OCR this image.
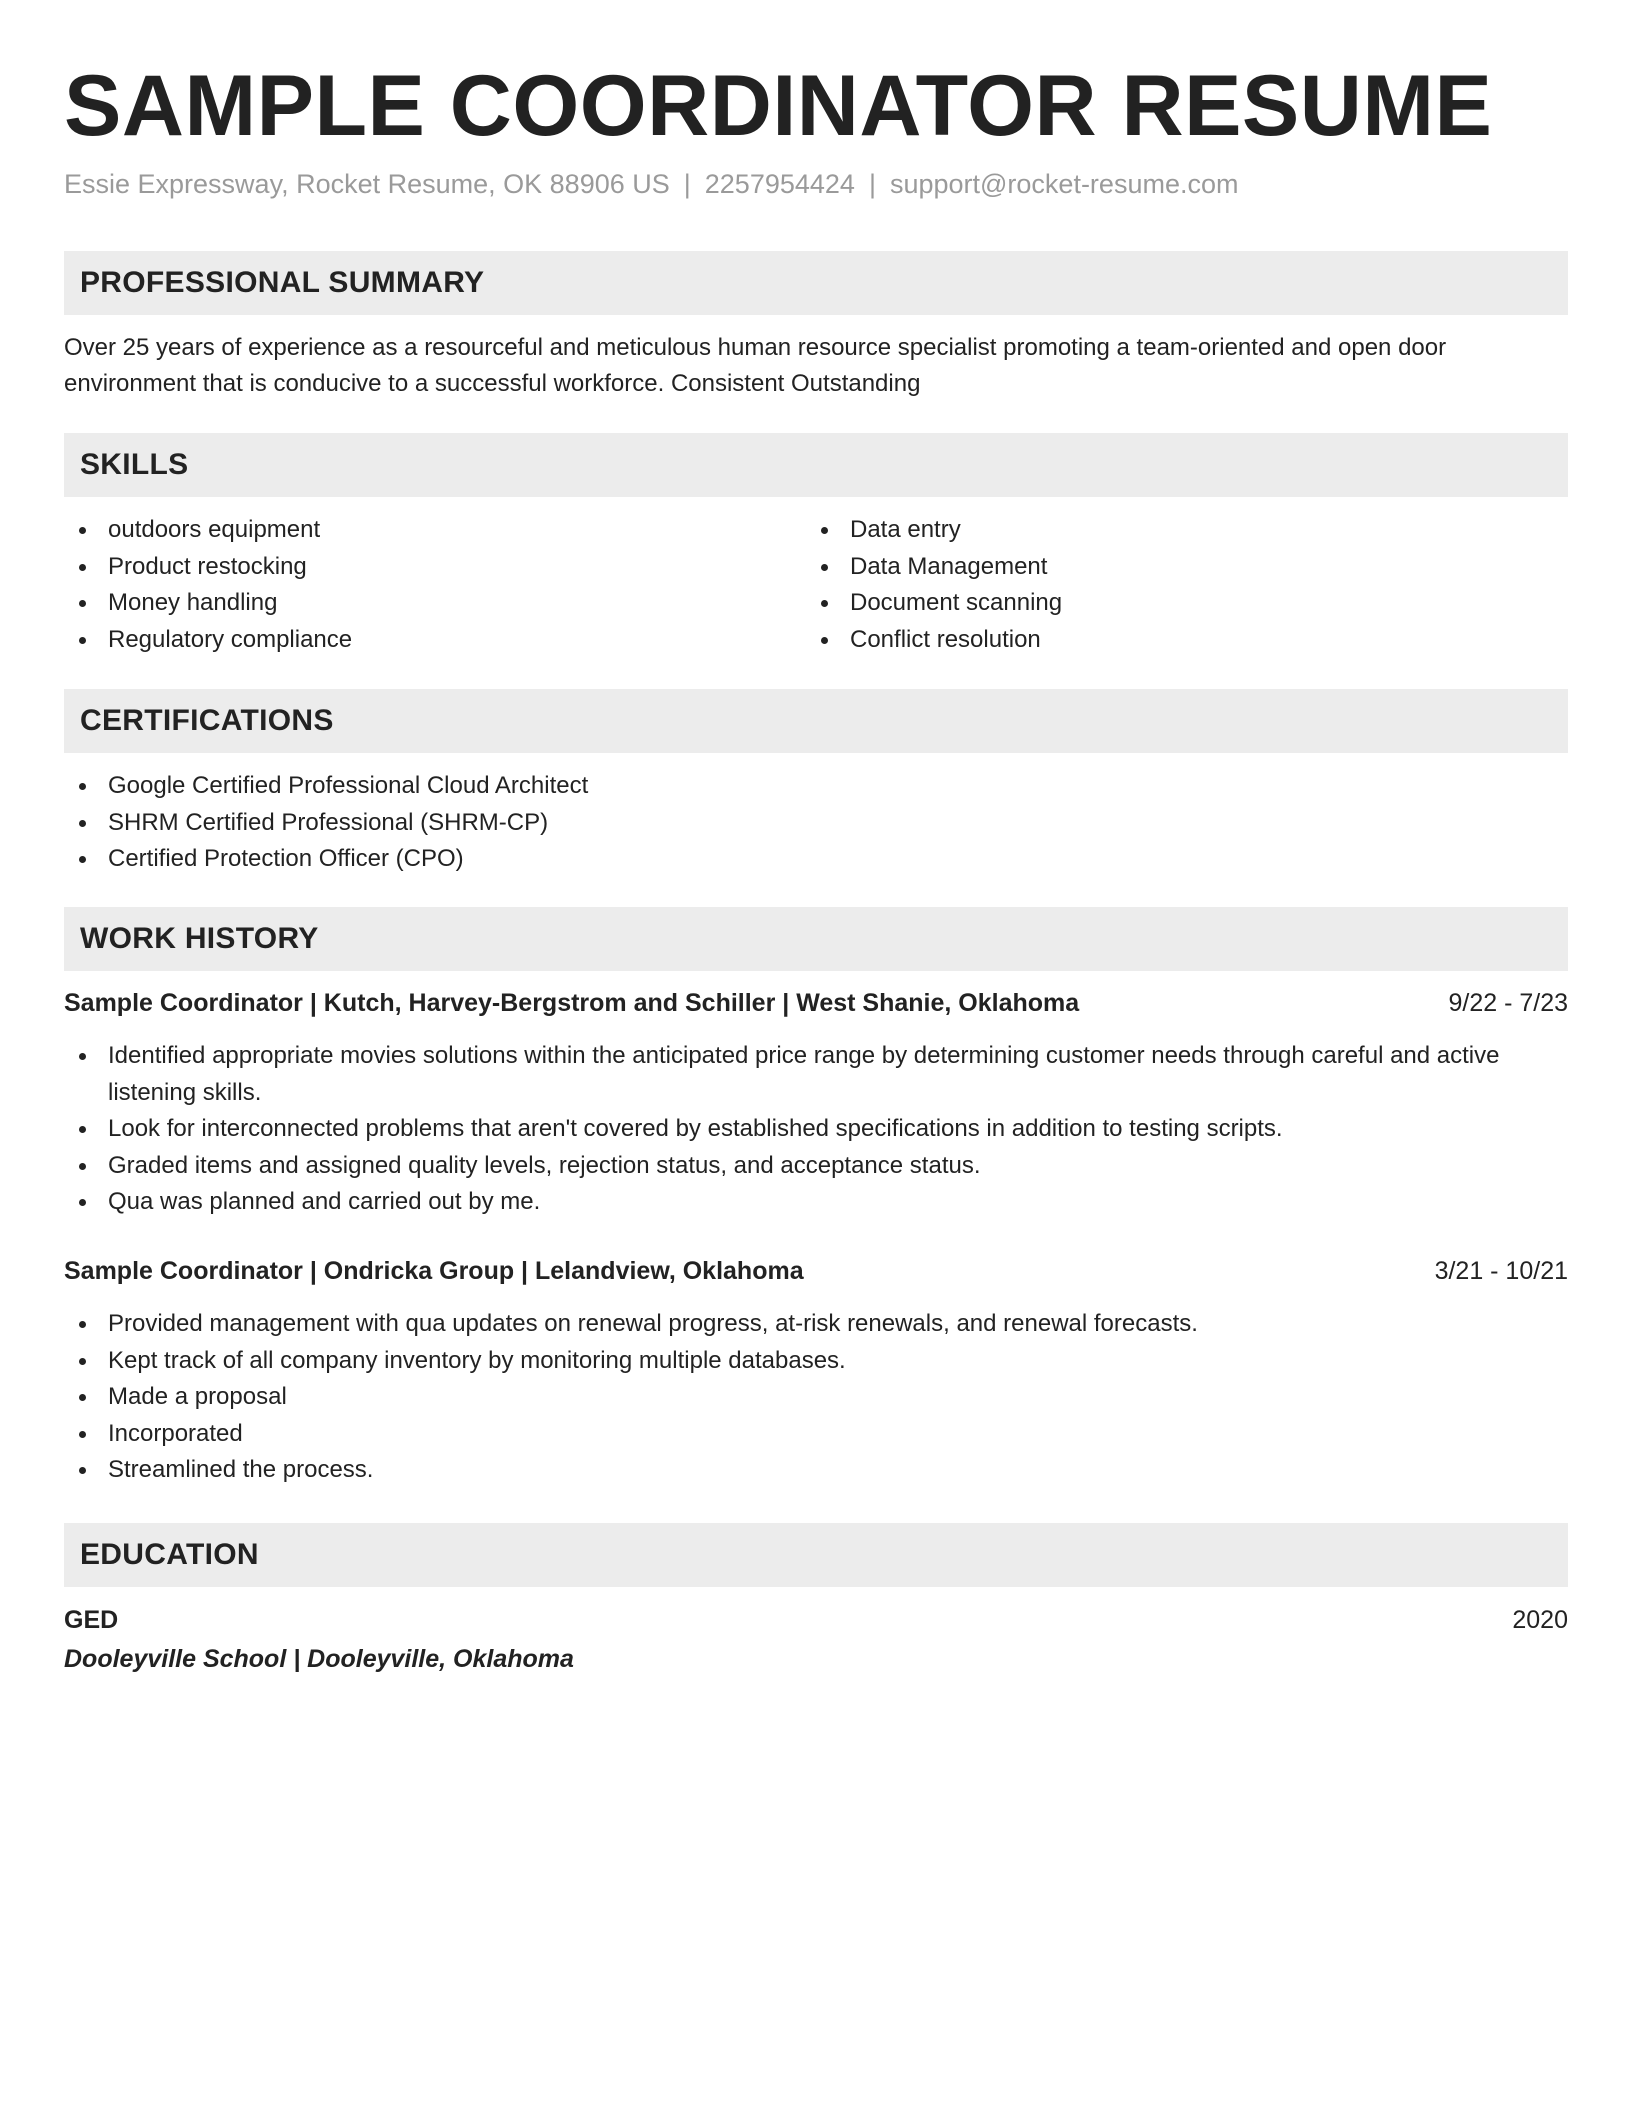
SAMPLE COORDINATOR RESUME
Essie Expressway, Rocket Resume, OK 88906 US | 2257954424 | support@rocket-resume.com
PROFESSIONAL SUMMARY
Over 25 years of experience as a resourceful and meticulous human resource specialist promoting a team-oriented and open door environment that is conducive to a successful workforce. Consistent Outstanding
SKILLS
outdoors equipment
Product restocking
Money handling
Regulatory compliance
Data entry
Data Management
Document scanning
Conflict resolution
CERTIFICATIONS
Google Certified Professional Cloud Architect
SHRM Certified Professional (SHRM-CP)
Certified Protection Officer (CPO)
WORK HISTORY
Sample Coordinator | Kutch, Harvey-Bergstrom and Schiller | West Shanie, Oklahoma	9/22 - 7/23
Identified appropriate movies solutions within the anticipated price range by determining customer needs through careful and active listening skills.
Look for interconnected problems that aren't covered by established specifications in addition to testing scripts.
Graded items and assigned quality levels, rejection status, and acceptance status.
Qua was planned and carried out by me.
Sample Coordinator | Ondricka Group | Lelandview, Oklahoma	3/21 - 10/21
Provided management with qua updates on renewal progress, at-risk renewals, and renewal forecasts.
Kept track of all company inventory by monitoring multiple databases.
Made a proposal
Incorporated
Streamlined the process.
EDUCATION
GED	2020
Dooleyville School | Dooleyville, Oklahoma
